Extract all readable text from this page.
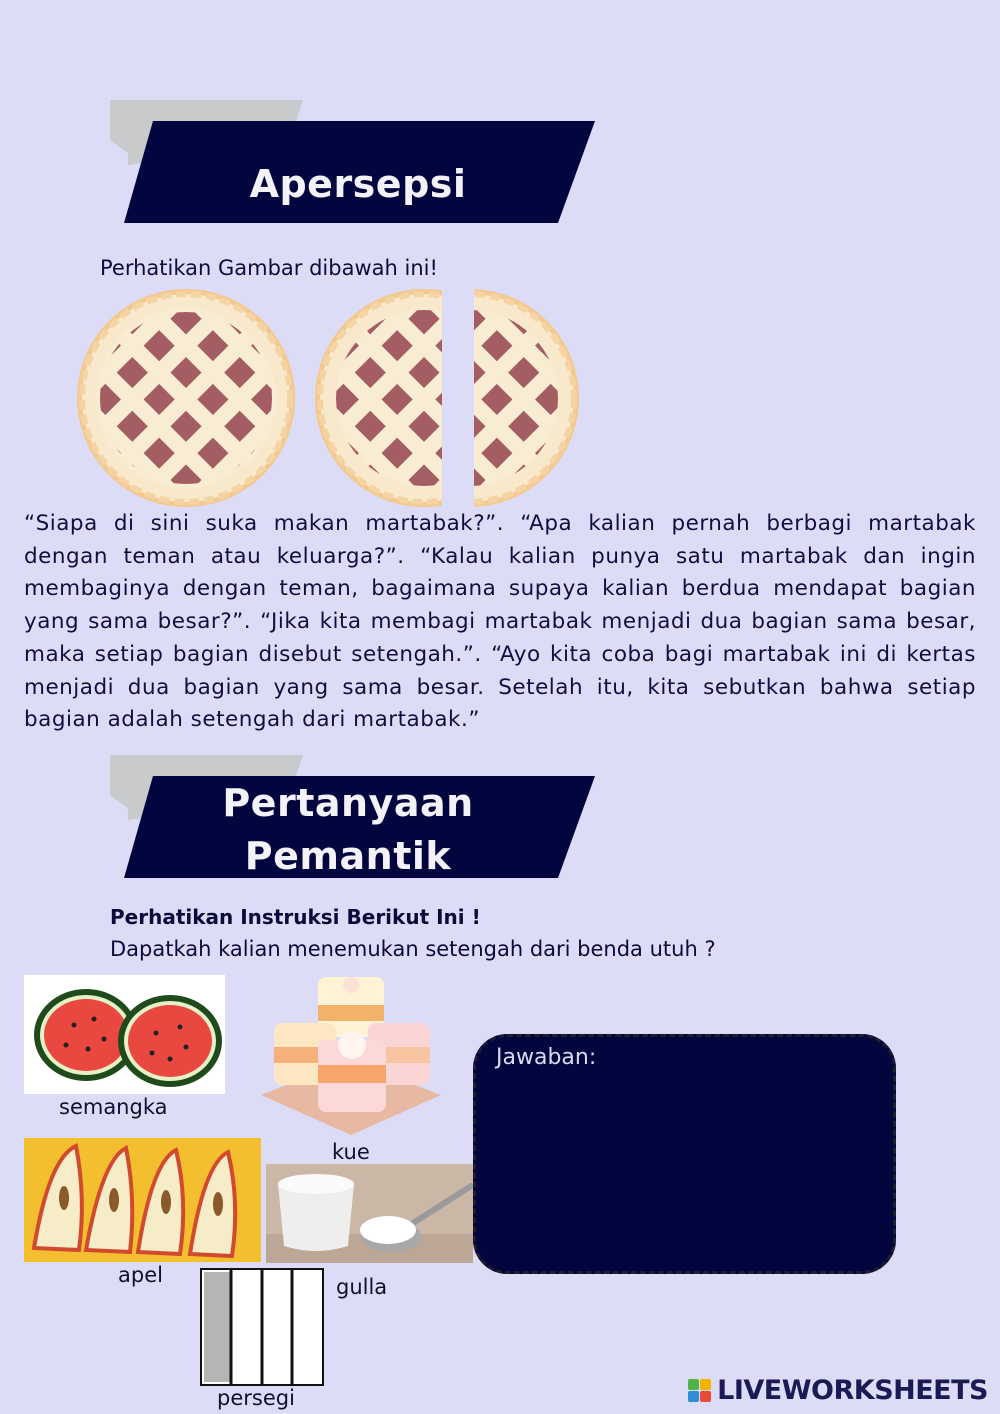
Apersepsi
Perhatikan Gambar dibawah ini!
“Siapa di sini suka makan martabak?”. “Apa kalian pernah berbagi martabak dengan teman atau keluarga?”. “Kalau kalian punya satu martabak dan ingin membaginya dengan teman, bagaimana supaya kalian berdua mendapat bagian yang sama besar?”. “Jika kita membagi martabak menjadi dua bagian sama besar, maka setiap bagian disebut setengah.”. “Ayo kita coba bagi martabak ini di kertas menjadi dua bagian yang sama besar. Setelah itu, kita sebutkan bahwa setiap bagian adalah setengah dari martabak.”
Pertanyaan
Pemantik
Perhatikan Instruksi Berikut Ini !
Dapatkah kalian menemukan setengah dari benda utuh ?
semangka
kue
Jawaban:
apel	gulla
persegi	LIVEWORKSHEETS
